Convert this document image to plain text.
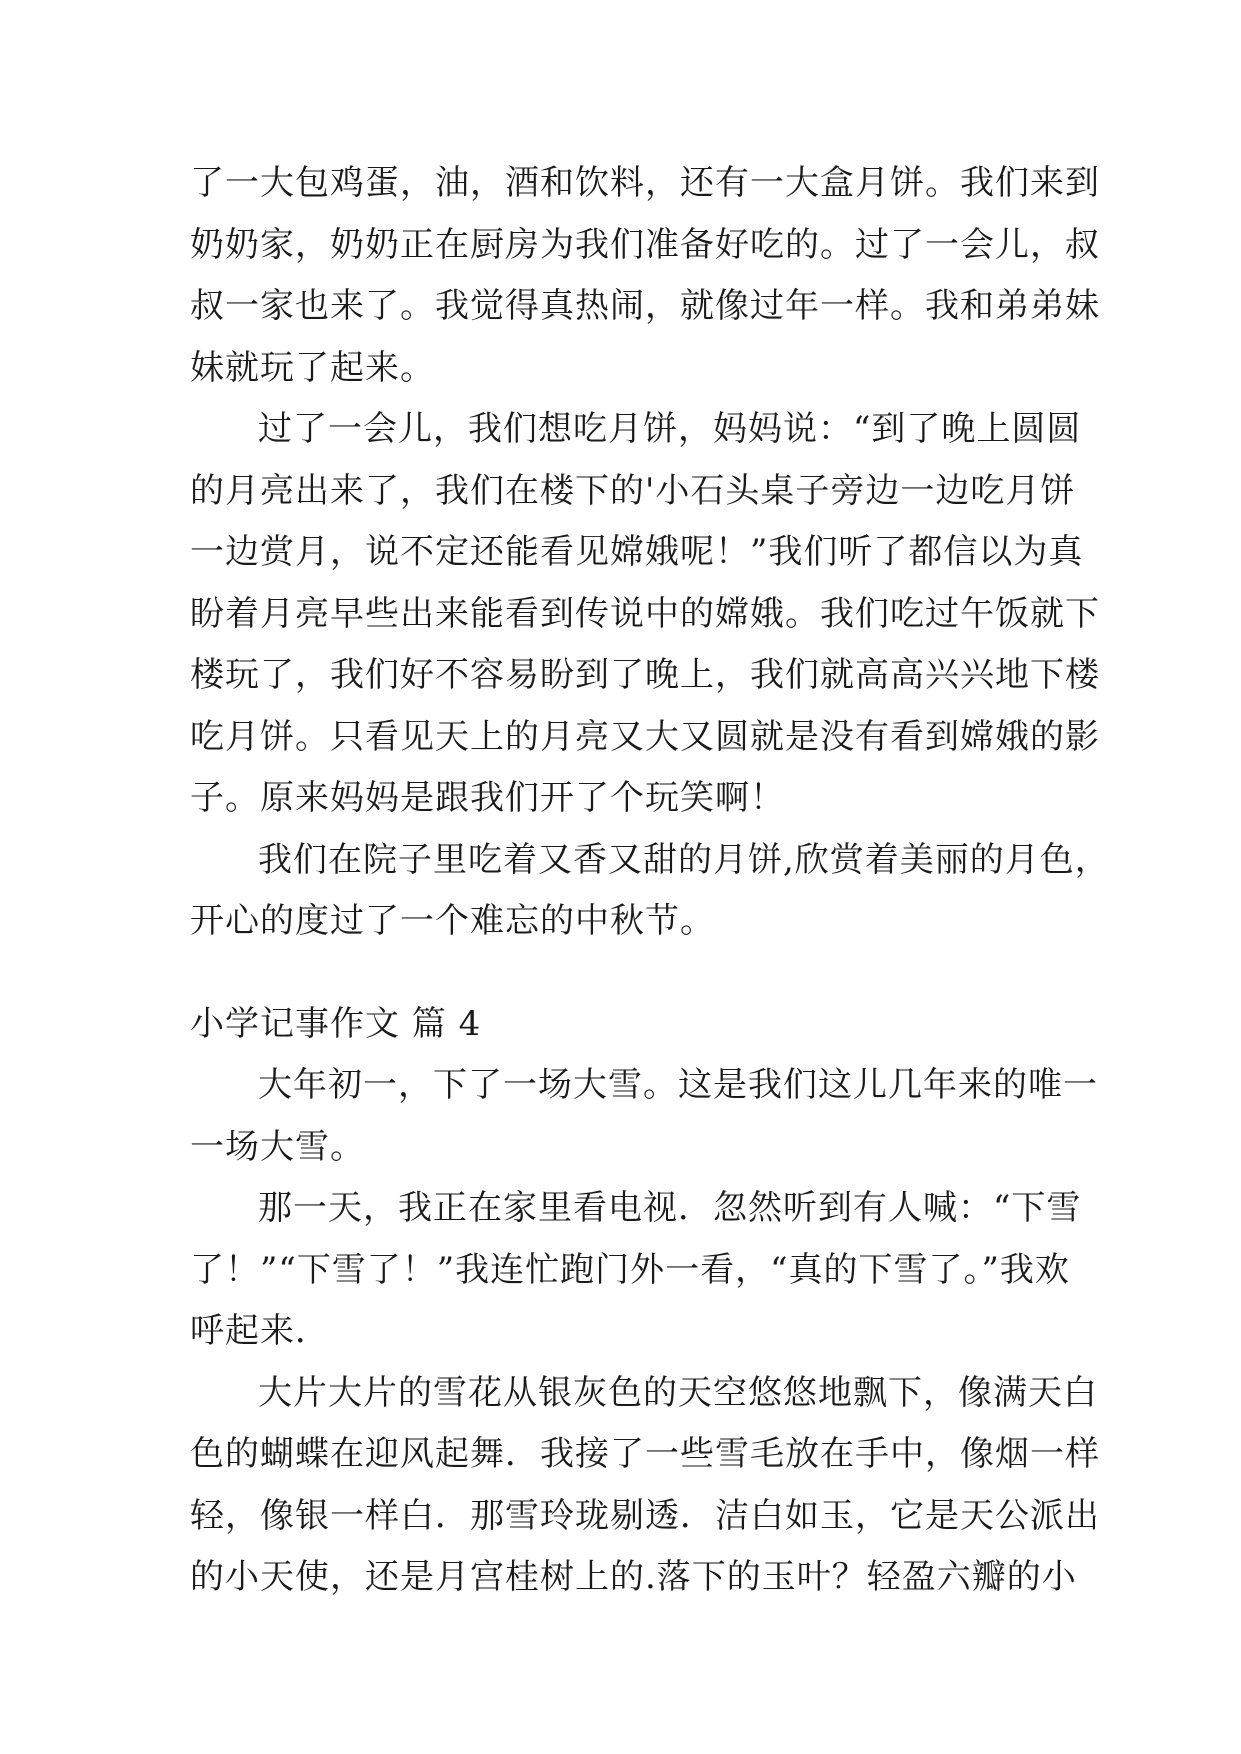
了一大包鸡蛋，油，酒和饮料，还有一大盒月饼。我们来到
奶奶家，奶奶正在厨房为我们准备好吃的。过了一会儿，叔
叔一家也来了。我觉得真热闹，就像过年一样。我和弟弟妹
妹就玩了起来。
过了一会儿，我们想吃月饼，妈妈说：“到了晚上圆圆
的月亮出来了，我们在楼下的'小石头桌子旁边一边吃月饼
一边赏月，说不定还能看见嫦娥呢！”我们听了都信以为真
盼着月亮早些出来能看到传说中的嫦娥。我们吃过午饭就下
楼玩了，我们好不容易盼到了晚上，我们就高高兴兴地下楼
吃月饼。只看见天上的月亮又大又圆就是没有看到嫦娥的影
子。原来妈妈是跟我们开了个玩笑啊！
我们在院子里吃着又香又甜的月饼,欣赏着美丽的月色，
开心的度过了一个难忘的中秋节。
小学记事作文 篇 4
大年初一，下了一场大雪。这是我们这儿几年来的唯一
一场大雪。
那一天，我正在家里看电视．忽然听到有人喊：“下雪
了！”“下雪了！”我连忙跑门外一看，“真的下雪了。”我欢
呼起来．
大片大片的雪花从银灰色的天空悠悠地飘下，像满天白
色的蝴蝶在迎风起舞．我接了一些雪毛放在手中，像烟一样
轻，像银一样白．那雪玲珑剔透．洁白如玉，它是天公派出
的小天使，还是月宫桂树上的.落下的玉叶？轻盈六瓣的小
